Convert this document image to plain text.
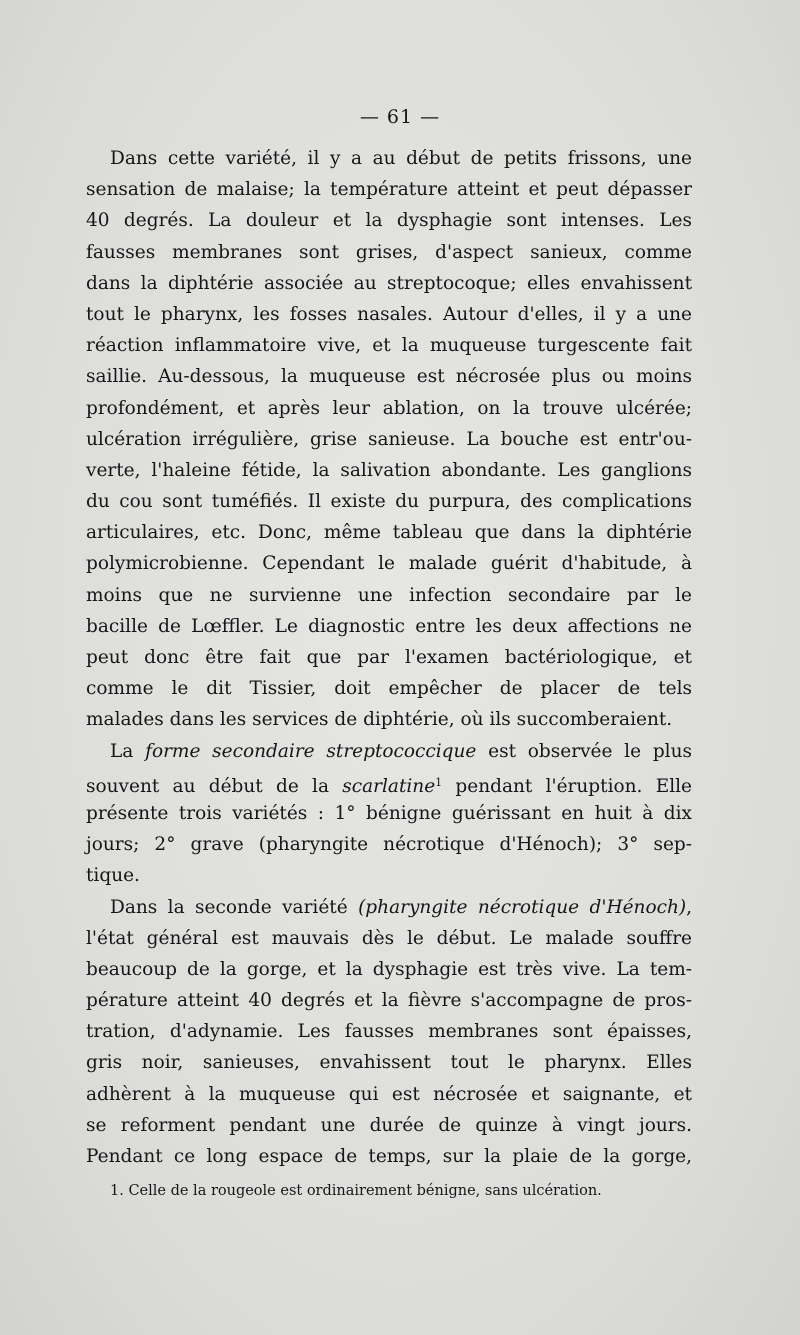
— 61 —
Dans cette variété, il y a au début de petits frissons, une
sensation de malaise; la température atteint et peut dépasser
40 degrés. La douleur et la dysphagie sont intenses. Les
fausses membranes sont grises, d'aspect sanieux, comme
dans la diphtérie associée au streptocoque; elles envahissent
tout le pharynx, les fosses nasales. Autour d'elles, il y a une
réaction inflammatoire vive, et la muqueuse turgescente fait
saillie. Au-dessous, la muqueuse est nécrosée plus ou moins
profondément, et après leur ablation, on la trouve ulcérée;
ulcération irrégulière, grise sanieuse. La bouche est entr'ou-
verte, l'haleine fétide, la salivation abondante. Les ganglions
du cou sont tuméfiés. Il existe du purpura, des complications
articulaires, etc. Donc, même tableau que dans la diphtérie
polymicrobienne. Cependant le malade guérit d'habitude, à
moins que ne survienne une infection secondaire par le
bacille de Lœffler. Le diagnostic entre les deux affections ne
peut donc être fait que par l'examen bactériologique, et
comme le dit Tissier, doit empêcher de placer de tels
malades dans les services de diphtérie, où ils succomberaient.
La forme secondaire streptococcique est observée le plus
souvent au début de la scarlatine$^1$ pendant l'éruption. Elle
présente trois variétés : 1° bénigne guérissant en huit à dix
jours; 2° grave (pharyngite nécrotique d'Hénoch); 3° sep-
tique.
Dans la seconde variété (pharyngite nécrotique d'Hénoch),
l'état général est mauvais dès le début. Le malade souffre
beaucoup de la gorge, et la dysphagie est très vive. La tem-
pérature atteint 40 degrés et la fièvre s'accompagne de pros-
tration, d'adynamie. Les fausses membranes sont épaisses,
gris noir, sanieuses, envahissent tout le pharynx. Elles
adhèrent à la muqueuse qui est nécrosée et saignante, et
se reforment pendant une durée de quinze à vingt jours.
Pendant ce long espace de temps, sur la plaie de la gorge,
1. Celle de la rougeole est ordinairement bénigne, sans ulcération.
